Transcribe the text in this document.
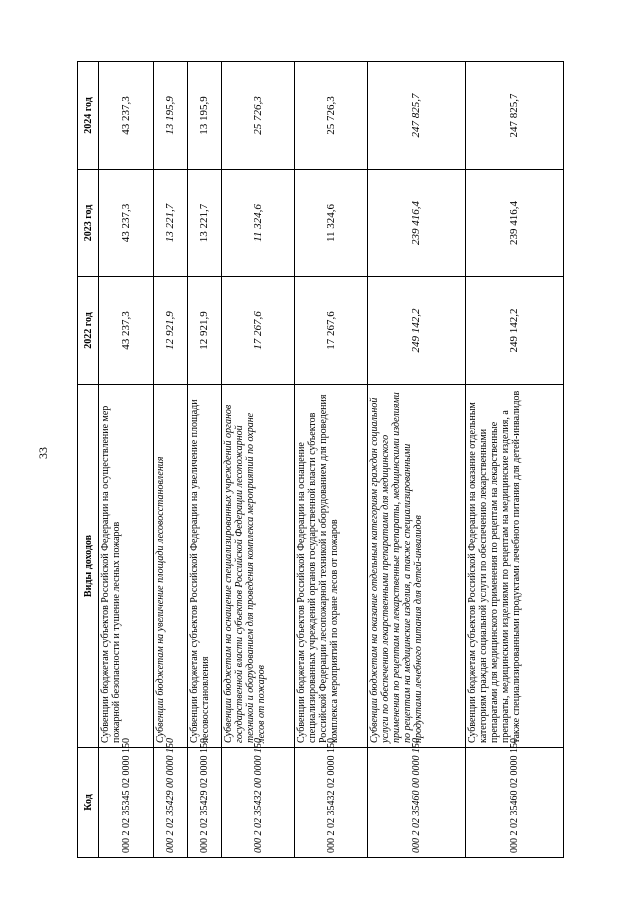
33
Код	Виды доходов	2022 год	2023 год	2024 год
000 2 02 35345 02 0000 150	Субвенции бюджетам субъектов Российской Федерации на осуществление мер пожарной безопасности и тушение лесных пожаров	43 237,3	43 237,3	43 237,3
000 2 02 35429 00 0000 150	Субвенции бюджетам на увеличение площади лесовосстановления	12 921,9	13 221,7	13 195,9
000 2 02 35429 02 0000 150	Субвенции бюджетам субъектов Российской Федерации на увеличение площади лесовосстановления	12 921,9	13 221,7	13 195,9
000 2 02 35432 00 0000 150	Субвенции бюджетам на оснащение специализированных учреждений органов государственной власти субъектов Российской Федерации лесопожарной техникой и оборудованием для проведения комплекса мероприятий по охране лесов от пожаров	17 267,6	11 324,6	25 726,3
000 2 02 35432 02 0000 150	Субвенции бюджетам субъектов Российской Федерации на оснащение специализированных учреждений органов государственной власти субъектов Российской Федерации лесопожарной техникой и оборудованием для проведения комплекса мероприятий по охране лесов от пожаров	17 267,6	11 324,6	25 726,3
000 2 02 35460 00 0000 150	Субвенции бюджетам на оказание отдельным категориям граждан социальной услуги по обеспечению лекарственными препаратами для медицинского применения по рецептам на лекарственные препараты, медицинскими изделиями по рецептам на медицинские изделия, а также специализированными продуктами лечебного питания для детей-инвалидов	249 142,2	239 416,4	247 825,7
000 2 02 35460 02 0000 150	Субвенции бюджетам субъектов Российской Федерации на оказание отдельным категориям граждан социальной услуги по обеспечению лекарственными препаратами для медицинского применения по рецептам на лекарственные препараты, медицинскими изделиями по рецептам на медицинские изделия, а также специализированными продуктами лечебного питания для детей-инвалидов	249 142,2	239 416,4	247 825,7
